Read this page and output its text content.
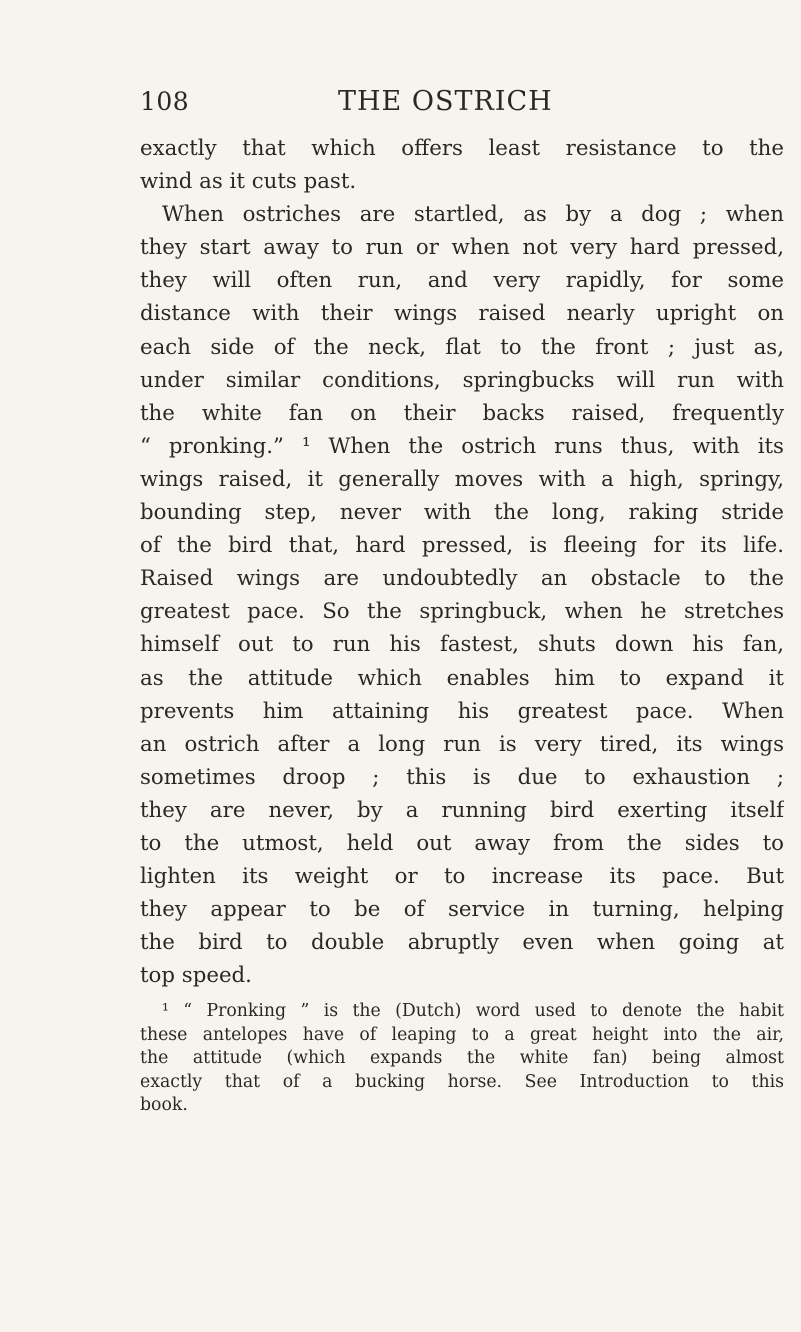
108	THE OSTRICH
exactly that which offers least resistance to the
wind as it cuts past.
When ostriches are startled, as by a dog ; when
they start away to run or when not very hard pressed,
they will often run, and very rapidly, for some
distance with their wings raised nearly upright on
each side of the neck, flat to the front ; just as,
under similar conditions, springbucks will run with
the white fan on their backs raised, frequently
“ pronking.” ¹ When the ostrich runs thus, with its
wings raised, it generally moves with a high, springy,
bounding step, never with the long, raking stride
of the bird that, hard pressed, is fleeing for its life.
Raised wings are undoubtedly an obstacle to the
greatest pace. So the springbuck, when he stretches
himself out to run his fastest, shuts down his fan,
as the attitude which enables him to expand it
prevents him attaining his greatest pace. When
an ostrich after a long run is very tired, its wings
sometimes droop ; this is due to exhaustion ;
they are never, by a running bird exerting itself
to the utmost, held out away from the sides to
lighten its weight or to increase its pace. But
they appear to be of service in turning, helping
the bird to double abruptly even when going at
top speed.
¹ “ Pronking ” is the (Dutch) word used to denote the habit
these antelopes have of leaping to a great height into the air,
the attitude (which expands the white fan) being almost
exactly that of a bucking horse. See Introduction to this
book.
